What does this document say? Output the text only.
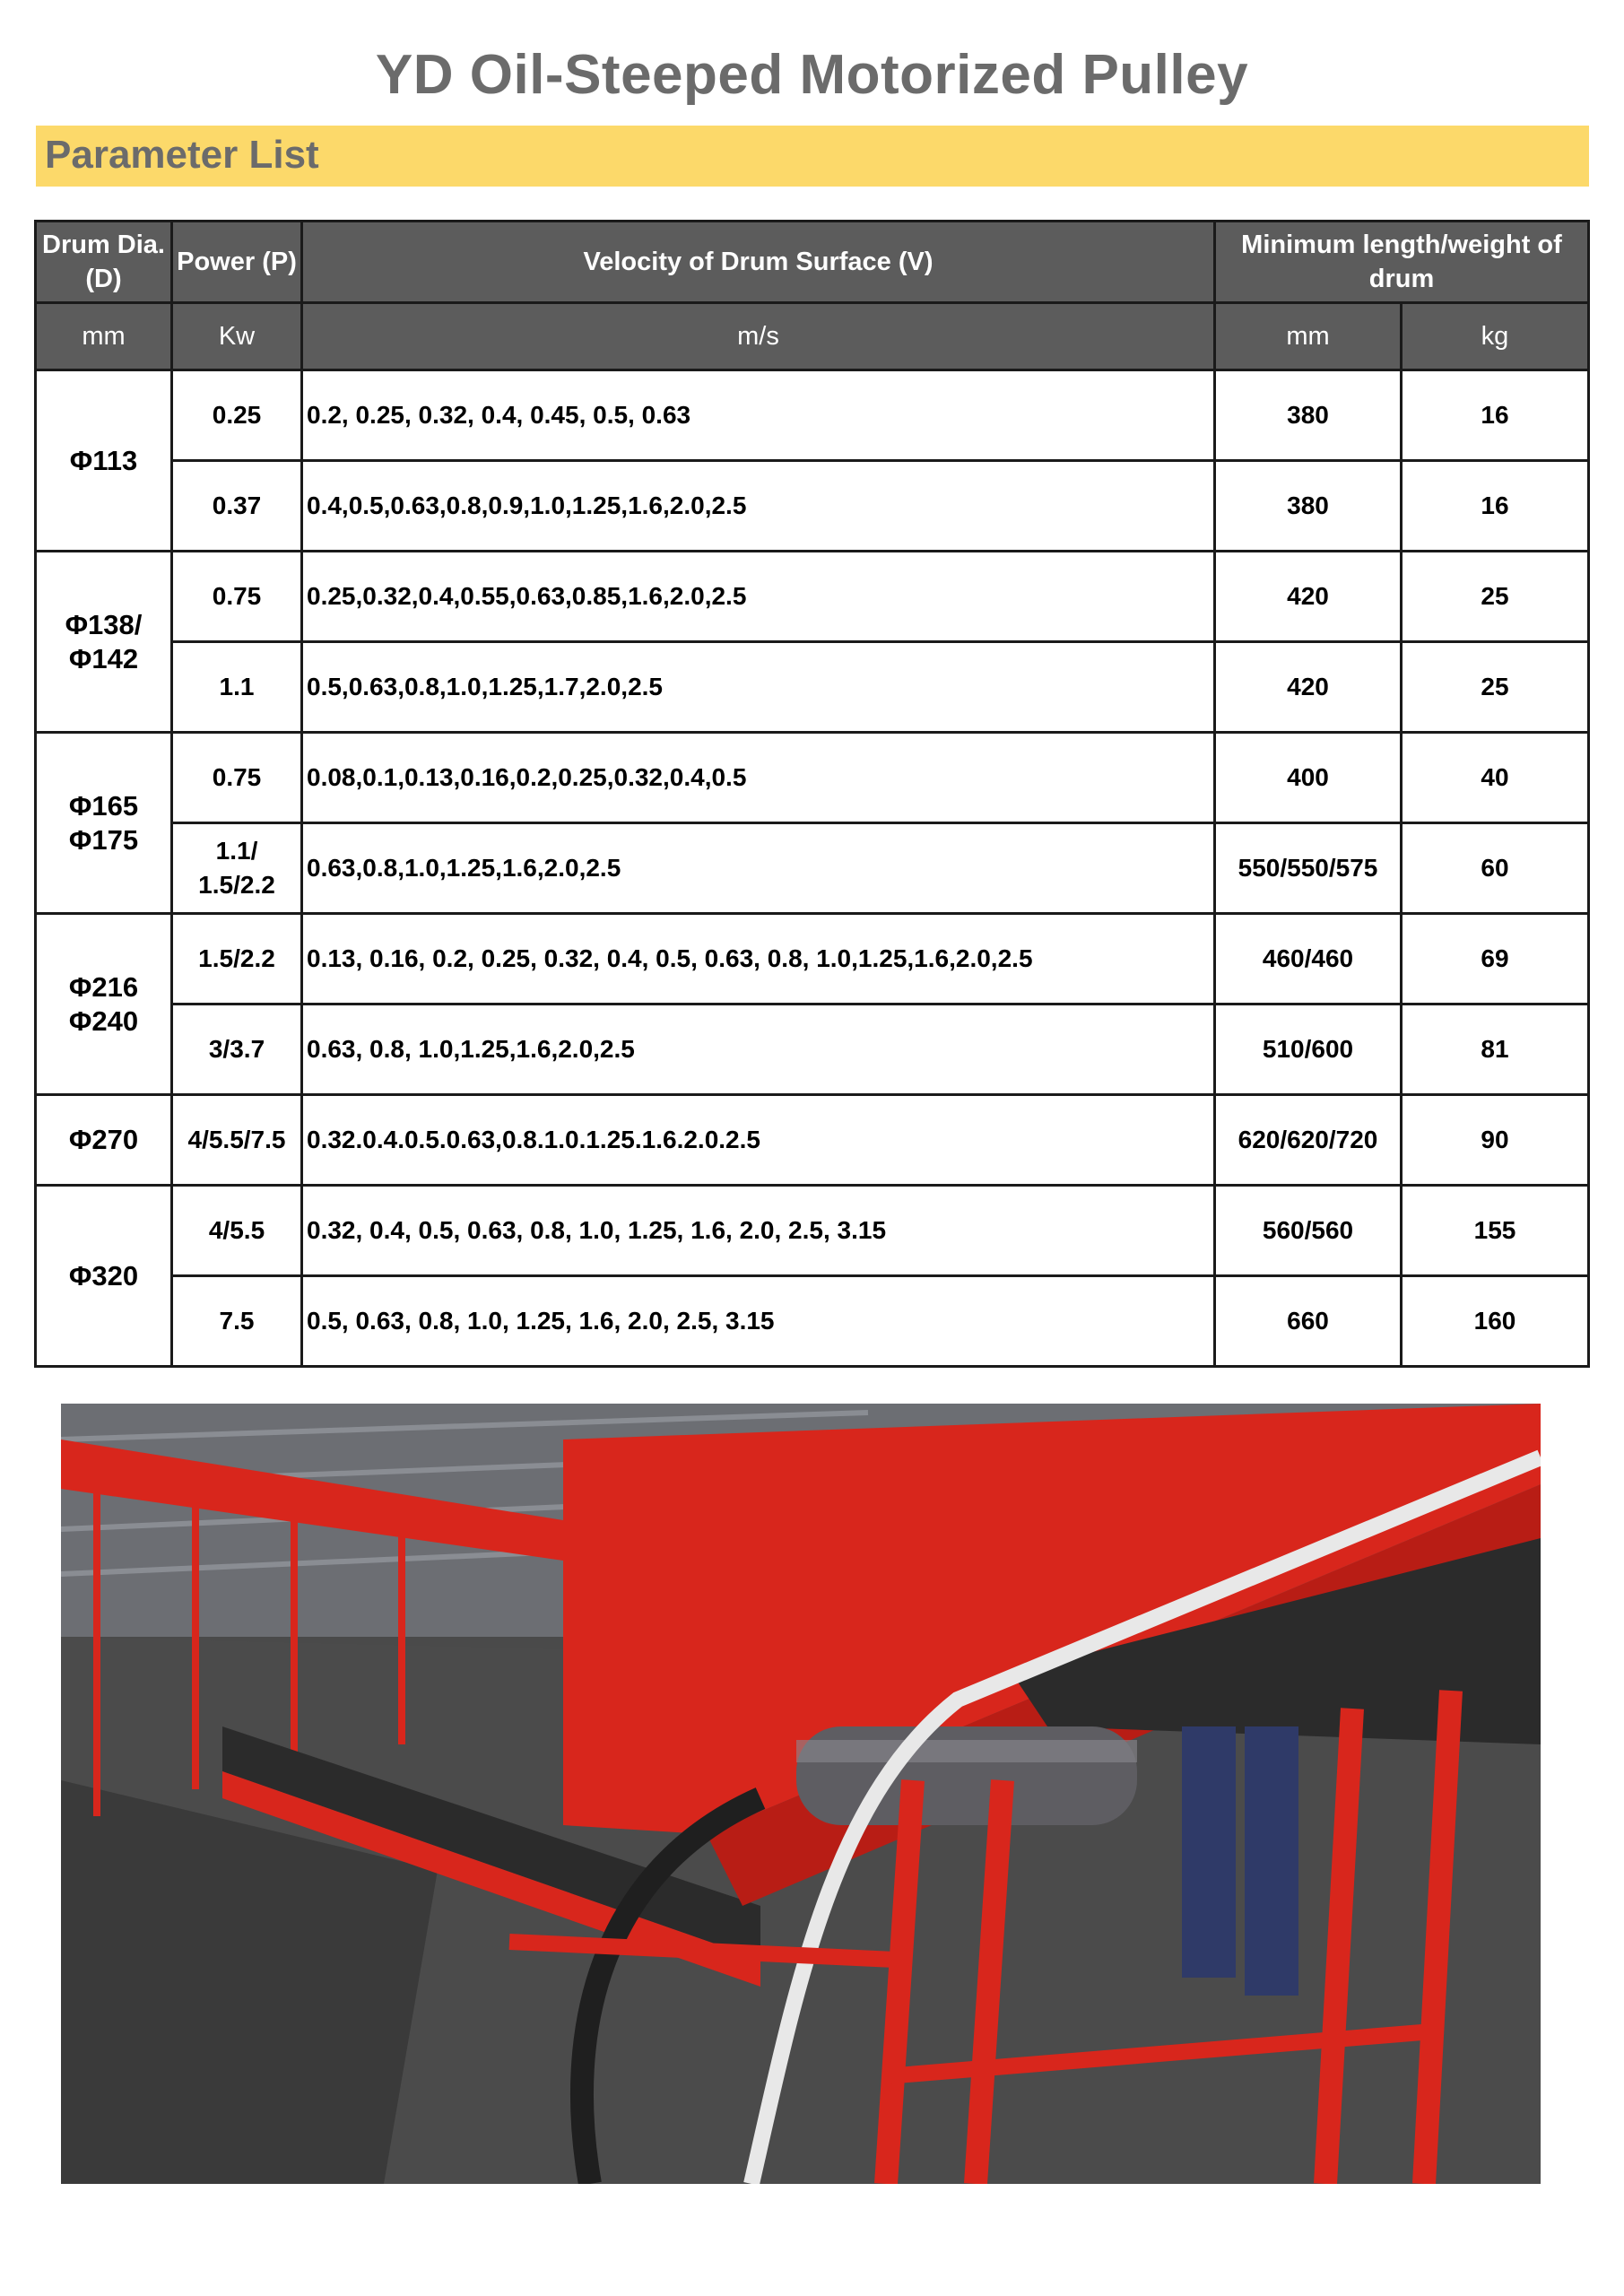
YD Oil-Steeped Motorized Pulley
Parameter List
Drum Dia. (D)	Power (P)	Velocity of Drum Surface (V)	Minimum length/weight of drum	
mm	Kw	m/s	mm	kg
Φ113	0.25	0.2, 0.25, 0.32, 0.4, 0.45, 0.5, 0.63	380	16
	0.37	0.4,0.5,0.63,0.8,0.9,1.0,1.25,1.6,2.0,2.5	380	16
Φ138/ Φ142	0.75	0.25,0.32,0.4,0.55,0.63,0.85,1.6,2.0,2.5	420	25
	1.1	0.5,0.63,0.8,1.0,1.25,1.7,2.0,2.5	420	25
Φ165 Φ175	0.75	0.08,0.1,0.13,0.16,0.2,0.25,0.32,0.4,0.5	400	40
	1.1/ 1.5/2.2	0.63,0.8,1.0,1.25,1.6,2.0,2.5	550/550/575	60
Φ216 Φ240	1.5/2.2	0.13, 0.16, 0.2, 0.25, 0.32, 0.4, 0.5, 0.63, 0.8, 1.0,1.25,1.6,2.0,2.5	460/460	69
	3/3.7	0.63, 0.8, 1.0,1.25,1.6,2.0,2.5	510/600	81
Φ270	4/5.5/7.5	0.32.0.4.0.5.0.63,0.8.1.0.1.25.1.6.2.0.2.5	620/620/720	90
Φ320	4/5.5	0.32, 0.4, 0.5, 0.63, 0.8, 1.0, 1.25, 1.6, 2.0, 2.5, 3.15	560/560	155
	7.5	0.5, 0.63, 0.8, 1.0, 1.25, 1.6, 2.0, 2.5, 3.15	660	160
